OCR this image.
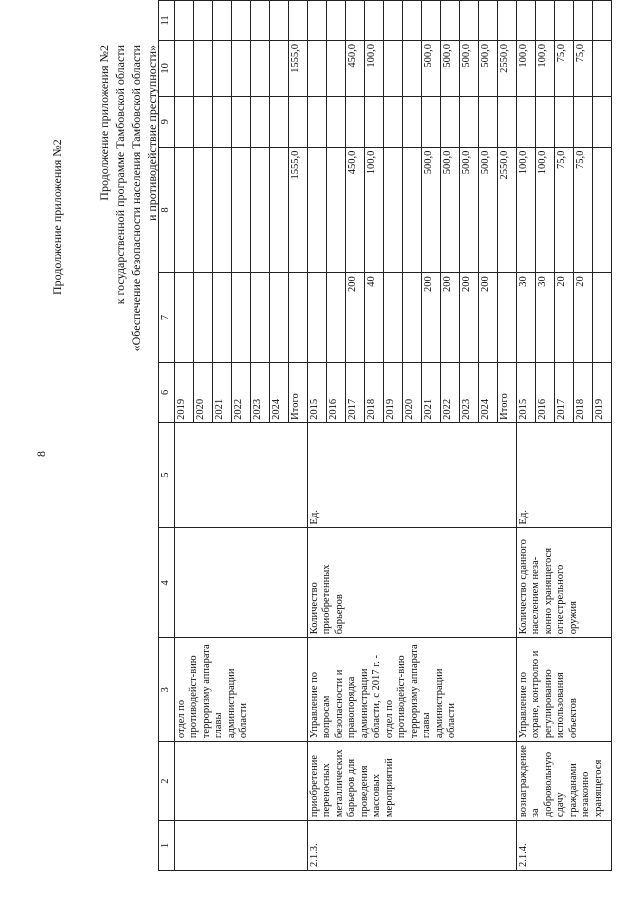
8
Продолжение приложения №2
Продолжение приложения №2 к государственной программе Тамбовской области «Обеспечение безопасности населения Тамбовской области и противодействие преступности»
1	2	3	4	5	6	7	8	9	10	11
		отдел по противодейст-вию терроризму аппарата главы администрации области			2019					
					2020					
					2021					
					2022					
					2023					
					2024					
					Итого		1555,0		1555,0	
2.1.3.	приобретение переносных металлических барьеров для проведения массовых мероприятий	Управление по вопросам безопасности и правопорядка администрации области, с 2017 г. - отдел по противодейст-вию терроризму аппарата главы администрации области	Количество приобретенных барьеров	Ед.	2015					
					2016					
					2017	200	450,0		450,0	
					2018	40	100,0		100,0	
					2019					
					2020					
					2021	200	500,0		500,0	
					2022	200	500,0		500,0	
					2023	200	500,0		500,0	
					2024	200	500,0		500,0	
					Итого		2550,0		2550,0	
2.1.4.	вознаграждение за добровольную сдачу гражданами незаконно хранящегося	Управление по охране, контролю и регулированию использования объектов	Количество сданного населением неза-конно хранящегося огнестрельного оружия	Ед.	2015	30	100,0		100,0	
					2016	30	100,0		100,0	
					2017	20	75,0		75,0	
					2018	20	75,0		75,0	
					2019					
